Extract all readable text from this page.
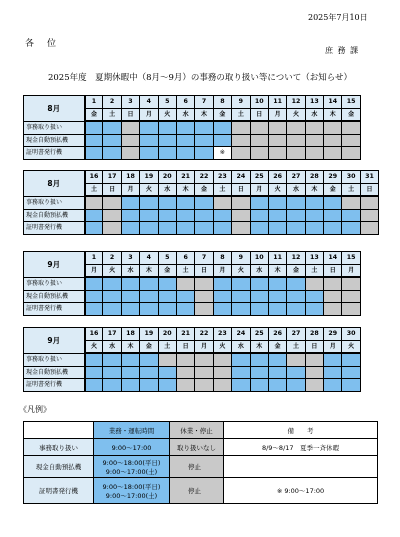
2025年7月10日
各　位
庶 務 課
2025年度　夏期休暇中（8月～9月）の事務の取り扱い等について（お知らせ）
8月	1	2	3	4	5	6	7	8	9	10	11	12	13	14	15
	金	土	日	月	火	水	木	金	土	日	月	火	水	木	金
事務取り扱い															
現金自動預払機															
証明書発行機								※							
8月	16	17	18	19	20	21	22	23	24	25	26	27	28	29	30	31
	土	日	月	火	水	木	金	土	日	月	火	水	木	金	土	日
事務取り扱い																
現金自動預払機																
証明書発行機																
9月	1	2	3	4	5	6	7	8	9	10	11	12	13	14	15
	月	火	水	木	金	土	日	月	火	水	木	金	土	日	月
事務取り扱い															
現金自動預払機															
証明書発行機															
9月	16	17	18	19	20	21	22	23	24	25	26	27	28	29	30
	火	水	木	金	土	日	月	火	水	木	金	土	日	月	火
事務取り扱い															
現金自動預払機															
証明書発行機															
《凡例》
	業務・運転時間	休業・停止	備　　考
事務取り扱い	9:00～17:00	取り扱いなし	8/9～8/17　夏季一斉休暇
現金自動預払機	9:00～18:00(平日)
9:00～17:00(土)	停止	
証明書発行機	9:00～18:00(平日)
9:00～17:00(土)	停止	※ 9:00～17:00
